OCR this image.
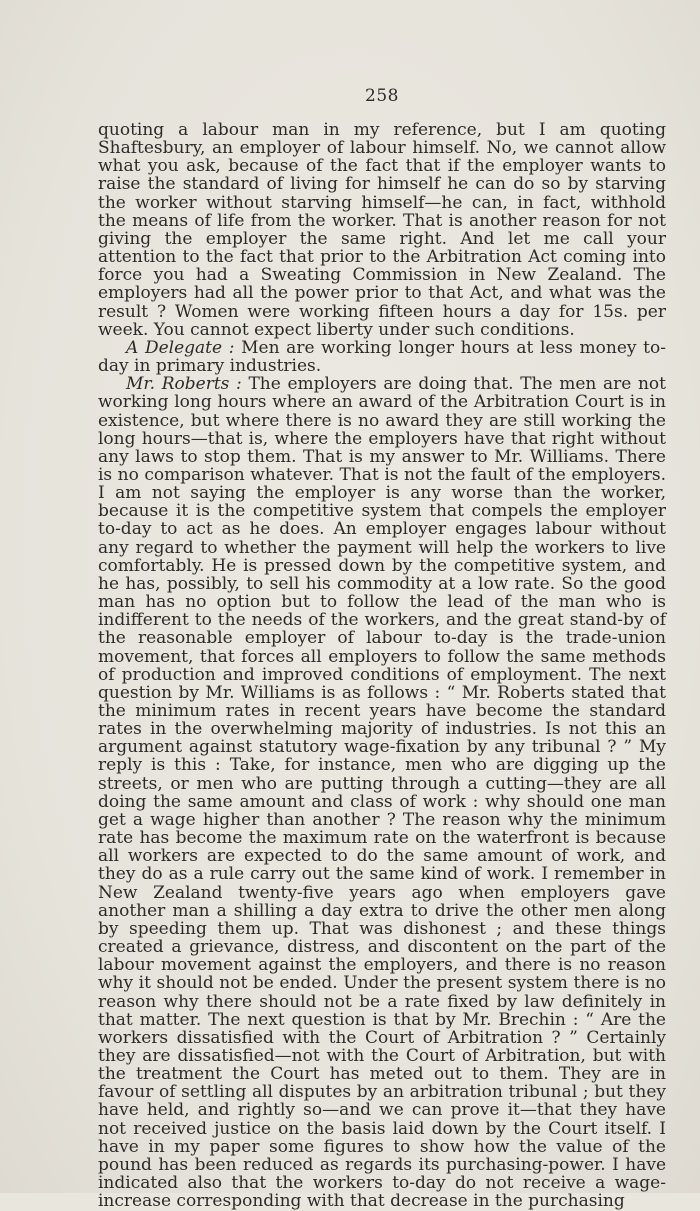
258

quoting a labour man in my reference, but I am quoting Shaftesbury, an employer of labour himself. No, we cannot allow what you ask, because of the fact that if the employer wants to raise the standard of living for himself he can do so by starving the worker without starving himself—he can, in fact, withhold the means of life from the worker. That is another reason for not giving the employer the same right. And let me call your attention to the fact that prior to the Arbitration Act coming into force you had a Sweating Commission in New Zealand. The employers had all the power prior to that Act, and what was the result ? Women were working fifteen hours a day for 15s. per week. You cannot expect liberty under such conditions.

A Delegate : Men are working longer hours at less money to-day in primary industries.

Mr. Roberts : The employers are doing that. The men are not working long hours where an award of the Arbitration Court is in existence, but where there is no award they are still working the long hours—that is, where the employers have that right without any laws to stop them. That is my answer to Mr. Williams. There is no comparison whatever. That is not the fault of the employers. I am not saying the employer is any worse than the worker, because it is the competitive system that compels the employer to-day to act as he does. An employer engages labour without any regard to whether the payment will help the workers to live comfortably. He is pressed down by the competitive system, and he has, possibly, to sell his commodity at a low rate. So the good man has no option but to follow the lead of the man who is indifferent to the needs of the workers, and the great stand-by of the reasonable employer of labour to-day is the trade-union movement, that forces all employers to follow the same methods of production and improved conditions of employment. The next question by Mr. Williams is as follows : “ Mr. Roberts stated that the minimum rates in recent years have become the standard rates in the overwhelming majority of industries. Is not this an argument against statutory wage-fixation by any tribunal ? ” My reply is this : Take, for instance, men who are digging up the streets, or men who are putting through a cutting—they are all doing the same amount and class of work : why should one man get a wage higher than another ? The reason why the minimum rate has become the maximum rate on the waterfront is because all workers are expected to do the same amount of work, and they do as a rule carry out the same kind of work. I remember in New Zealand twenty-five years ago when employers gave another man a shilling a day extra to drive the other men along by speeding them up. That was dishonest ; and these things created a grievance, distress, and discontent on the part of the labour movement against the employers, and there is no reason why it should not be ended. Under the present system there is no reason why there should not be a rate fixed by law definitely in that matter. The next question is that by Mr. Brechin : “ Are the workers dissatisfied with the Court of Arbitration ? ” Certainly they are dissatisfied—not with the Court of Arbitration, but with the treatment the Court has meted out to them. They are in favour of settling all disputes by an arbitration tribunal ; but they have held, and rightly so—and we can prove it—that they have not received justice on the basis laid down by the Court itself. I have in my paper some figures to show how the value of the pound has been reduced as regards its purchasing-power. I have indicated also that the workers to-day do not receive a wage-increase corresponding with that decrease in the purchasing
